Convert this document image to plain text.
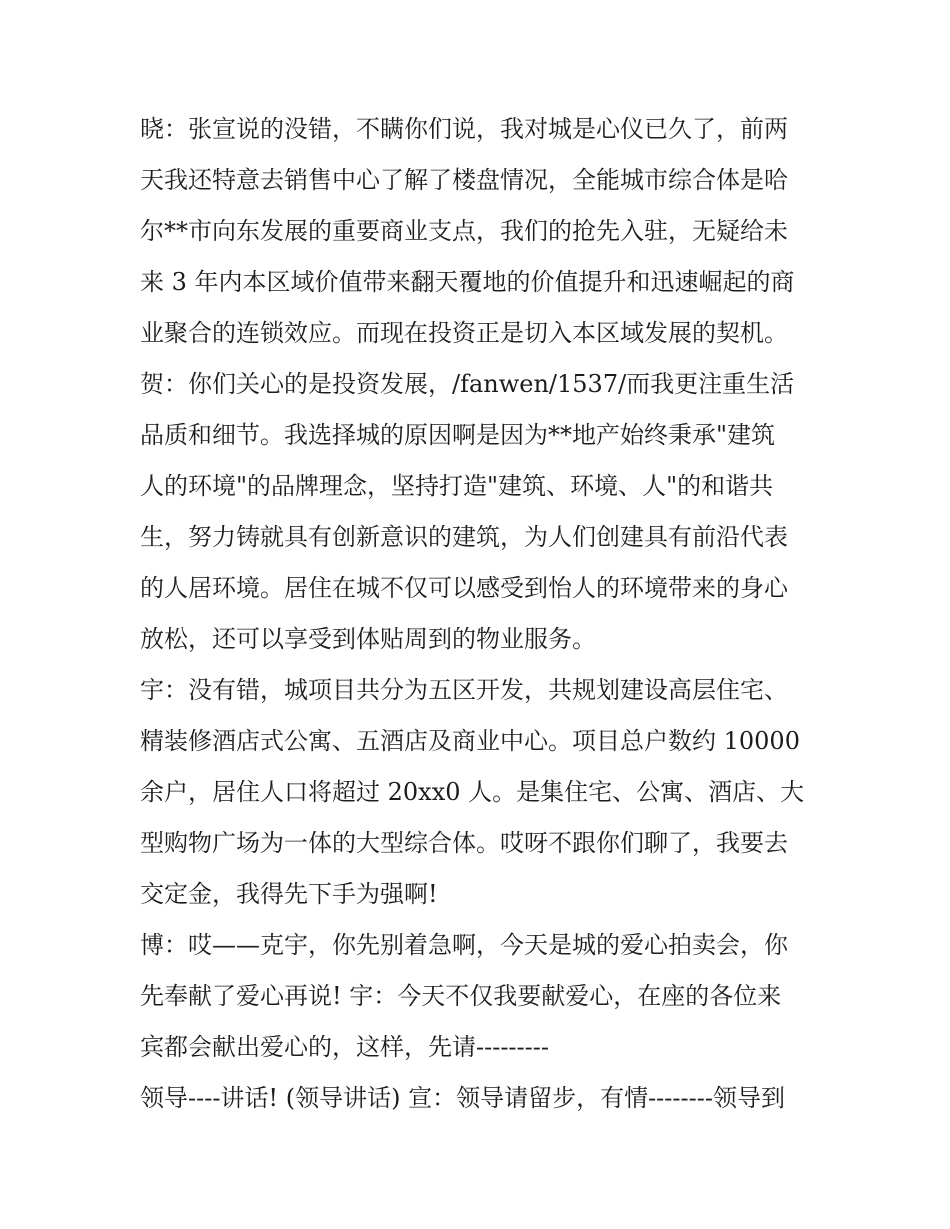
晓：张宣说的没错，不瞒你们说，我对城是心仪已久了，前两
天我还特意去销售中心了解了楼盘情况，全能城市综合体是哈
尔**市向东发展的重要商业支点，我们的抢先入驻，无疑给未
来 3 年内本区域价值带来翻天覆地的价值提升和迅速崛起的商
业聚合的连锁效应。而现在投资正是切入本区域发展的契机。

贺：你们关心的是投资发展，/fanwen/1537/而我更注重生活
品质和细节。我选择城的原因啊是因为**地产始终秉承"建筑
人的环境"的品牌理念，坚持打造"建筑、环境、人"的和谐共
生，努力铸就具有创新意识的建筑，为人们创建具有前沿代表
的人居环境。居住在城不仅可以感受到怡人的环境带来的身心
放松，还可以享受到体贴周到的物业服务。

宇：没有错，城项目共分为五区开发，共规划建设高层住宅、
精装修酒店式公寓、五酒店及商业中心。项目总户数约 10000
余户，居住人口将超过 20xx0 人。是集住宅、公寓、酒店、大
型购物广场为一体的大型综合体。哎呀不跟你们聊了，我要去
交定金，我得先下手为强啊!

博：哎——克宇，你先别着急啊，今天是城的爱心拍卖会，你
先奉献了爱心再说! 宇：今天不仅我要献爱心，在座的各位来
宾都会献出爱心的，这样，先请---------

领导----讲话! (领导讲话) 宣：领导请留步，有情--------领导到
